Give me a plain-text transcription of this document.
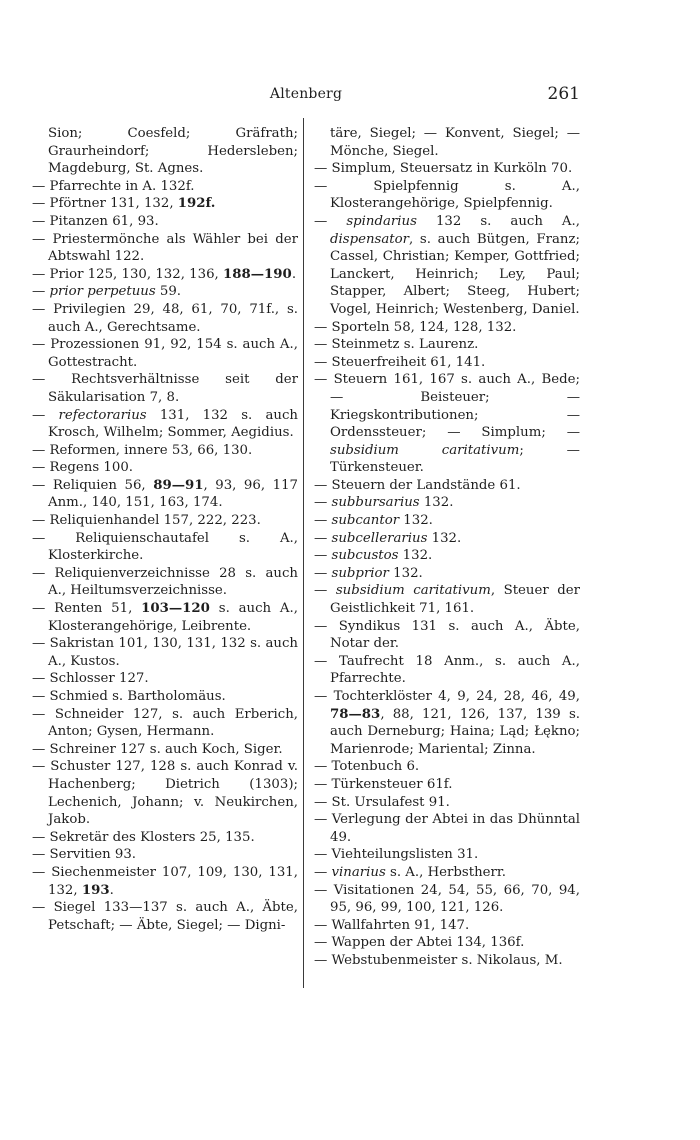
Altenberg	261

Sion; Coesfeld; Gräfrath; Graurheindorf; Hedersleben; Magdeburg, St. Agnes.

— Pfarrechte in A. 132f.

— Pförtner 131, 132, 192f.

— Pitanzen 61, 93.

— Priestermönche als Wähler bei der Abtswahl 122.

— Prior 125, 130, 132, 136, 188—190.

— prior perpetuus 59.

— Privilegien 29, 48, 61, 70, 71f., s. auch A., Gerechtsame.

— Prozessionen 91, 92, 154 s. auch A., Gottestracht.

— Rechtsverhältnisse seit der Säkularisation 7, 8.

— refectorarius 131, 132 s. auch Krosch, Wilhelm; Sommer, Aegidius.

— Reformen, innere 53, 66, 130.

— Regens 100.

— Reliquien 56, 89—91, 93, 96, 117 Anm., 140, 151, 163, 174.

— Reliquienhandel 157, 222, 223.

— Reliquienschautafel s. A., Klosterkirche.

— Reliquienverzeichnisse 28 s. auch A., Heiltumsverzeichnisse.

— Renten 51, 103—120 s. auch A., Klosterangehörige, Leibrente.

— Sakristan 101, 130, 131, 132 s. auch A., Kustos.

— Schlosser 127.

— Schmied s. Bartholomäus.

— Schneider 127, s. auch Erberich, Anton; Gysen, Hermann.

— Schreiner 127 s. auch Koch, Siger.

— Schuster 127, 128 s. auch Konrad v. Hachenberg; Dietrich (1303); Lechenich, Johann; v. Neukirchen, Jakob.

— Sekretär des Klosters 25, 135.

— Servitien 93.

— Siechenmeister 107, 109, 130, 131, 132, 193.

— Siegel 133—137 s. auch A., Äbte, Petschaft; — Äbte, Siegel; — Digni-

täre, Siegel; — Konvent, Siegel; — Mönche, Siegel.

— Simplum, Steuersatz in Kurköln 70.

— Spielpfennig s. A., Klosterangehörige, Spielpfennig.

— spindarius 132 s. auch A., dispensator, s. auch Bütgen, Franz; Cassel, Christian; Kemper, Gottfried; Lanckert, Heinrich; Ley, Paul; Stapper, Albert; Steeg, Hubert; Vogel, Heinrich; Westenberg, Daniel.

— Sporteln 58, 124, 128, 132.

— Steinmetz s. Laurenz.

— Steuerfreiheit 61, 141.

— Steuern 161, 167 s. auch A., Bede; — Beisteuer; — Kriegskontributionen; — Ordenssteuer; — Simplum; — subsidium caritativum; — Türkensteuer.

— Steuern der Landstände 61.

— subbursarius 132.

— subcantor 132.

— subcellerarius 132.

— subcustos 132.

— subprior 132.

— subsidium caritativum, Steuer der Geistlichkeit 71, 161.

— Syndikus 131 s. auch A., Äbte, Notar der.

— Taufrecht 18 Anm., s. auch A., Pfarrechte.

— Tochterklöster 4, 9, 24, 28, 46, 49, 78—83, 88, 121, 126, 137, 139 s. auch Derneburg; Haina; Ląd; Łękno; Marienrode; Mariental; Zinna.

— Totenbuch 6.

— Türkensteuer 61f.

— St. Ursulafest 91.

— Verlegung der Abtei in das Dhünntal 49.

— Viehteilungslisten 31.

— vinarius s. A., Herbstherr.

— Visitationen 24, 54, 55, 66, 70, 94, 95, 96, 99, 100, 121, 126.

— Wallfahrten 91, 147.

— Wappen der Abtei 134, 136f.

— Webstubenmeister s. Nikolaus, M.
